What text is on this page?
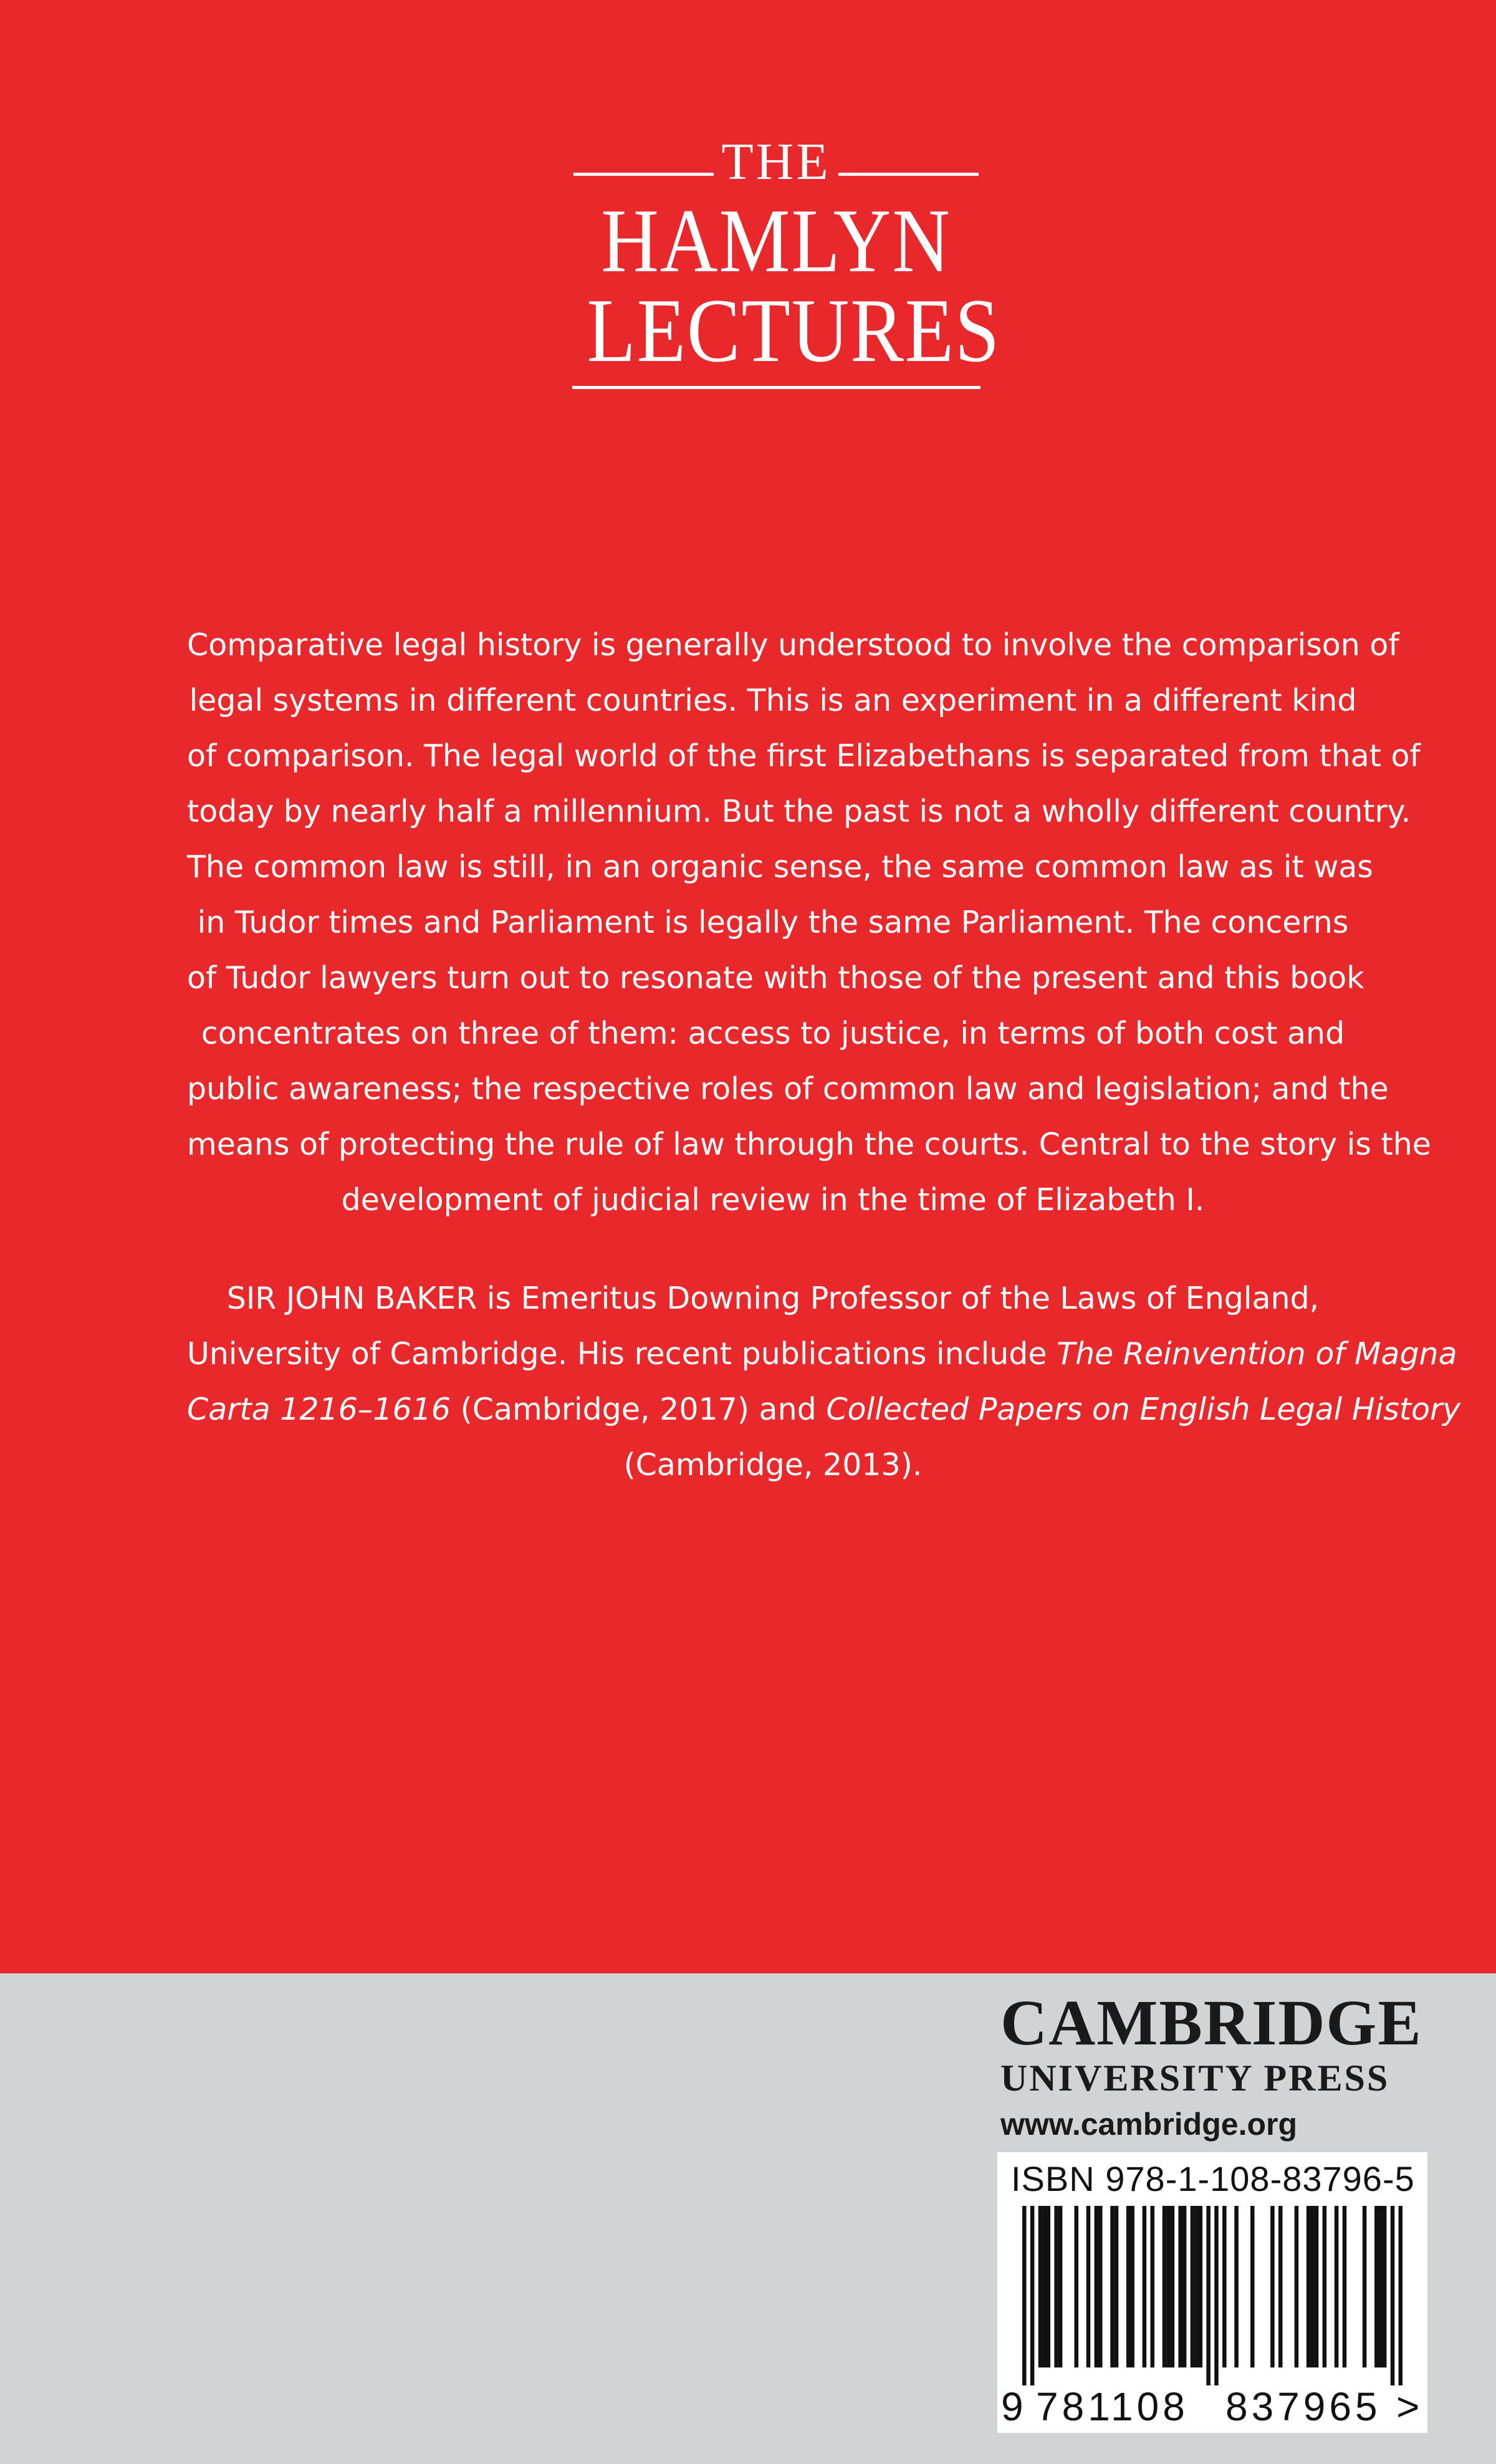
THE
HAMLYN
LECTURES
Comparative legal history is generally understood to involve the comparison of
legal systems in different countries. This is an experiment in a different kind
of comparison. The legal world of the first Elizabethans is separated from that of
today by nearly half a millennium. But the past is not a wholly different country.
The common law is still, in an organic sense, the same common law as it was
in Tudor times and Parliament is legally the same Parliament. The concerns
of Tudor lawyers turn out to resonate with those of the present and this book
concentrates on three of them: access to justice, in terms of both cost and
public awareness; the respective roles of common law and legislation; and the
means of protecting the rule of law through the courts. Central to the story is the
development of judicial review in the time of Elizabeth I.
SIR JOHN BAKER is Emeritus Downing Professor of the Laws of England,
University of Cambridge. His recent publications include The Reinvention of Magna
Carta 1216–1616 (Cambridge, 2017) and Collected Papers on English Legal History
(Cambridge, 2013).
CAMBRIDGE
UNIVERSITY PRESS
www.cambridge.org
ISBN 978-1-108-83796-5
9 781108 837965 >
